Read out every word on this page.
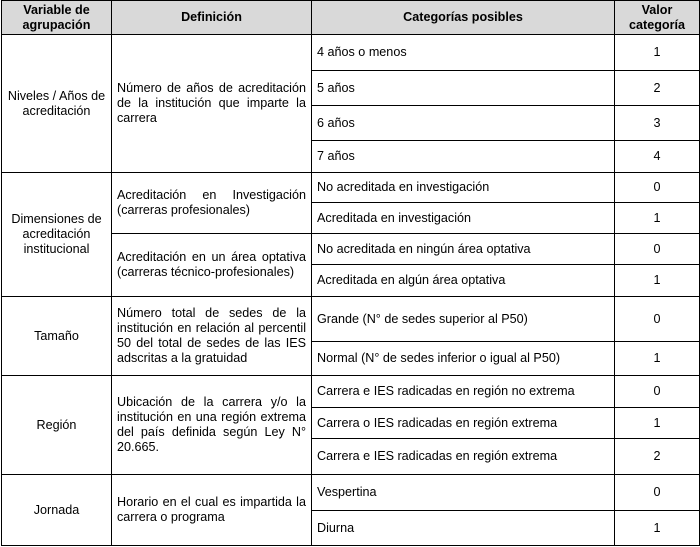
Variable de agrupación	Definición	Categorías posibles	Valor categoría
Niveles / Años de acreditación	Número de años de acreditación de la institución que imparte la carrera	4 años o menos	1
		5 años	2
		6 años	3
		7 años	4
Dimensiones de acreditación institucional	Acreditación en Investigación (carreras profesionales)	No acreditada en investigación	0
		Acreditada en investigación	1
	Acreditación en un área optativa (carreras técnico-profesionales)	No acreditada en ningún área optativa	0
		Acreditada en algún área optativa	1
Tamaño	Número total de sedes de la institución en relación al percentil 50 del total de sedes de las IES adscritas a la gratuidad	Grande (N° de sedes superior al P50)	0
		Normal (N° de sedes inferior o igual al P50)	1
Región	Ubicación de la carrera y/o la institución en una región extrema del país definida según Ley N° 20.665.	Carrera e IES radicadas en región no extrema	0
		Carrera o IES radicadas en región extrema	1
		Carrera e IES radicadas en región extrema	2
Jornada	Horario en el cual es impartida la carrera o programa	Vespertina	0
		Diurna	1
